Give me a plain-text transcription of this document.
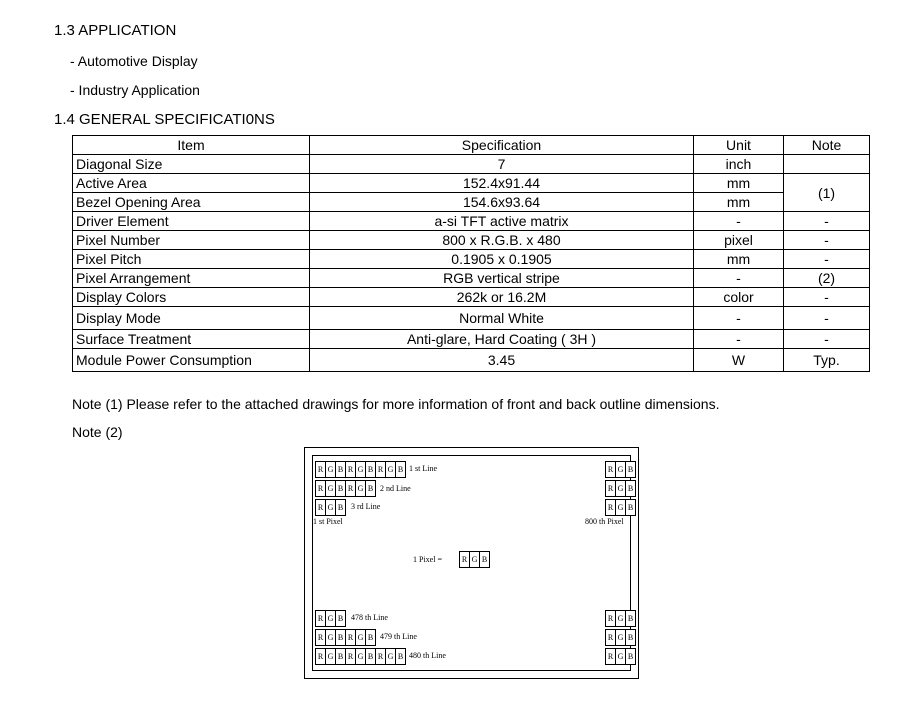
1.3 APPLICATION
- Automotive Display
- Industry Application
1.4 GENERAL SPECIFICATI0NS
Item	Specification	Unit	Note
Diagonal Size	7	inch	
Active Area	152.4x91.44	mm	(1)
Bezel Opening Area	154.6x93.64	mm	
Driver Element	a-si TFT active matrix	-	-
Pixel Number	800 x R.G.B. x 480	pixel	-
Pixel Pitch	0.1905 x 0.1905	mm	-
Pixel Arrangement	RGB vertical stripe	-	(2)
Display Colors	262k or 16.2M	color	-
Display Mode	Normal White	-	-
Surface Treatment	Anti-glare, Hard Coating ( 3H )	-	-
Module Power Consumption	3.45	W	Typ.
Note (1) Please refer to the attached drawings for more information of front and back outline dimensions.
Note (2)
R G B R G B R G B 1 st Line	R G B
R G B R G B 2 nd Line	R G B
R G B 3 rd Line	R G B
1 st Pixel	800 th Pixel
1 Pixel =	R G B
R G B 478 th Line	R G B
R G B R G B 479 th Line	R G B
R G B R G B R G B 480 th Line	R G B
